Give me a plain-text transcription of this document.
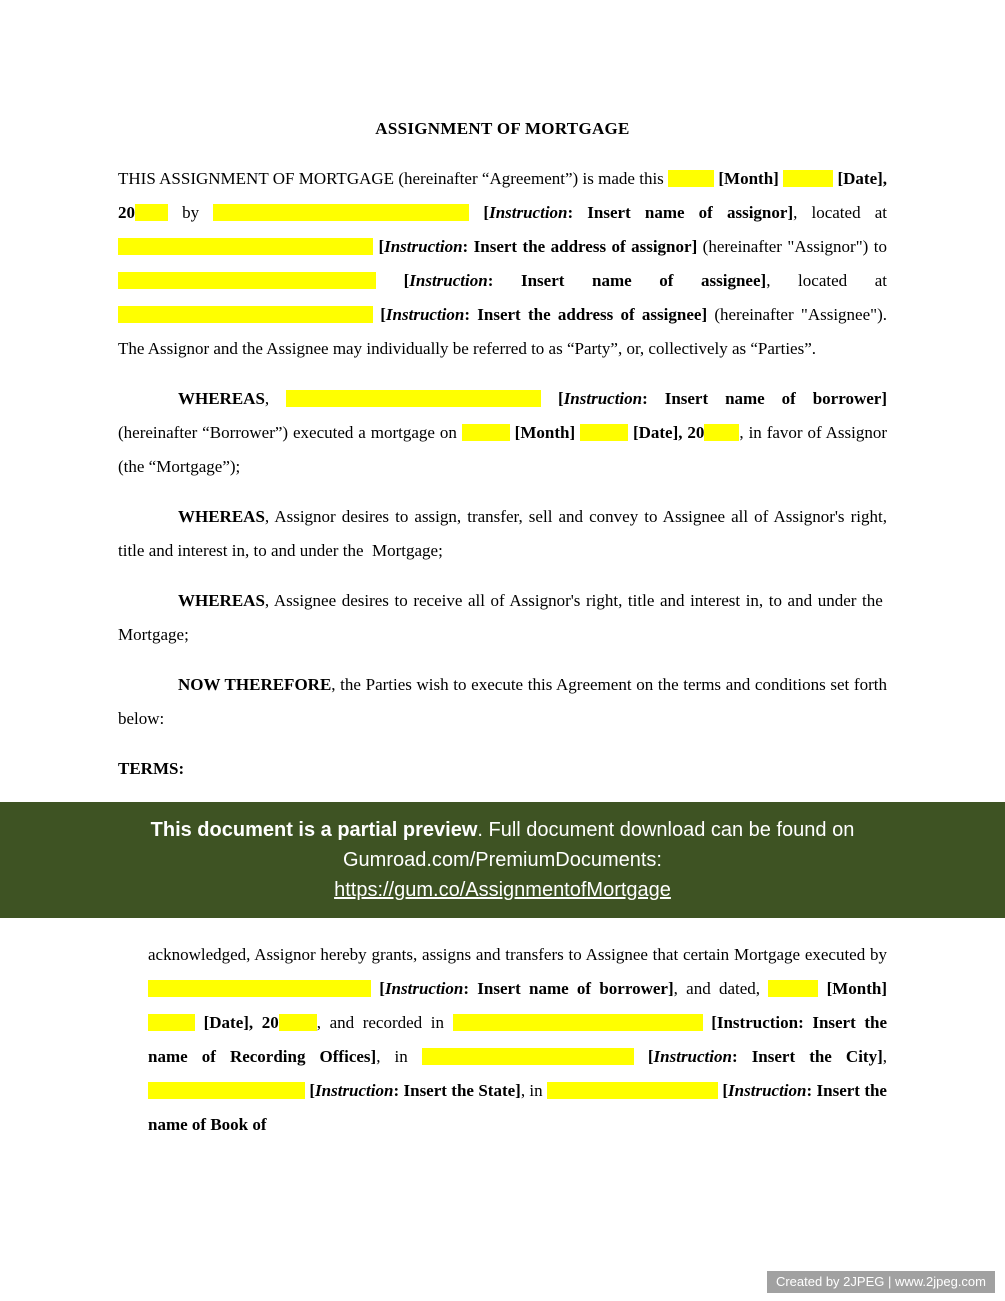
ASSIGNMENT OF MORTGAGE

THIS ASSIGNMENT OF MORTGAGE (hereinafter “Agreement”) is made this	[Month]	[Date], 20 by	[Instruction: Insert name of assignor], located at  [Instruction: Insert the address of assignor] (hereinafter "Assignor") to  [Instruction: Insert name of assignee], located at  [Instruction: Insert the address of assignee] (hereinafter "Assignee"). The Assignor and the Assignee may individually be referred to as “Party”, or, collectively as “Parties”.

WHEREAS,	[Instruction: Insert name of borrower] (hereinafter “Borrower”) executed a mortgage on	[Month]	[Date], 20 , in favor of Assignor (the “Mortgage”);

WHEREAS, Assignor desires to assign, transfer, sell and convey to Assignee all of Assignor's right, title and interest in, to and under the  Mortgage;

WHEREAS, Assignee desires to receive all of Assignor's right, title and interest in, to and under the  Mortgage;

NOW THEREFORE, the Parties wish to execute this Agreement on the terms and conditions set forth below:

TERMS:

This document is a partial preview. Full document download can be found on
Gumroad.com/PremiumDocuments:
https://gum.co/AssignmentofMortgage

acknowledged, Assignor hereby grants, assigns and transfers to Assignee that certain Mortgage executed by  [Instruction: Insert name of borrower], and dated,	[Month]  [Date], 20 , and recorded in	[Instruction: Insert the name of Recording Offices], in	[Instruction: Insert the City],  [Instruction: Insert the State], in	[Instruction: Insert the name of Book of

Created by 2JPEG | www.2jpeg.com
